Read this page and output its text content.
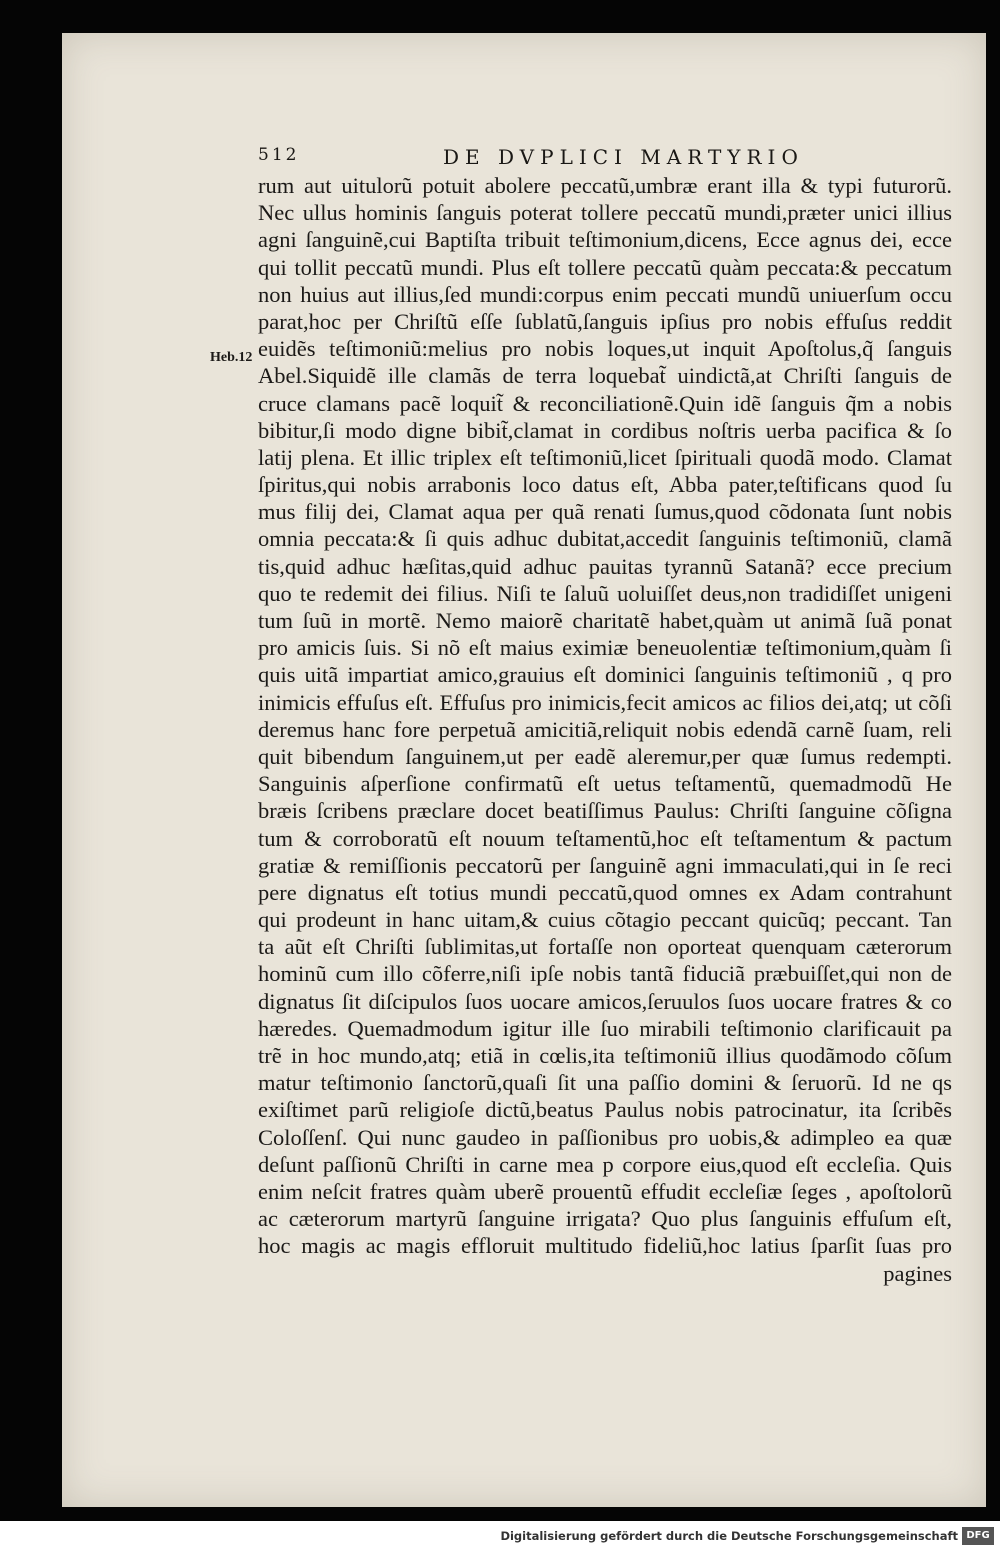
512	DE DVPLICI MARTYRIO
Heb.12
rum aut uitulorũ potuit abolere peccatũ,umbræ erant illa & typi futurorũ.
Nec ullus hominis ſanguis poterat tollere peccatũ mundi,præter unici illius
agni ſanguinẽ,cui Baptiſta tribuit teſtimonium,dicens, Ecce agnus dei, ecce
qui tollit peccatũ mundi. Plus eſt tollere peccatũ quàm peccata:& peccatum
non huius aut illius,ſed mundi:corpus enim peccati mundũ uniuerſum occu
parat,hoc per Chriſtũ eſſe ſublatũ,ſanguis ipſius pro nobis effuſus reddit
euidẽs teſtimoniũ:melius pro nobis loques,ut inquit Apoſtolus,q̃ ſanguis
Abel.Siquidẽ ille clamãs de terra loquebat̃ uindictã,at Chriſti ſanguis de
cruce clamans pacẽ loquit̃ & reconciliationẽ.Quin idẽ ſanguis q̃m a nobis
bibitur,ſi modo digne bibit̃,clamat in cordibus noſtris uerba pacifica & ſo
latij plena. Et illic triplex eſt teſtimoniũ,licet ſpirituali quodã modo. Clamat
ſpiritus,qui nobis arrabonis loco datus eſt, Abba pater,teſtificans quod ſu
mus filij dei, Clamat aqua per quã renati ſumus,quod cõdonata ſunt nobis
omnia peccata:& ſi quis adhuc dubitat,accedit ſanguinis teſtimoniũ, clamã
tis,quid adhuc hæſitas,quid adhuc pauitas tyrannũ Satanã? ecce precium
quo te redemit dei filius. Niſi te ſaluũ uoluiſſet deus,non tradidiſſet unigeni
tum ſuũ in mortẽ. Nemo maiorẽ charitatẽ habet,quàm ut animã ſuã ponat
pro amicis ſuis. Si nõ eſt maius eximiæ beneuolentiæ teſtimonium,quàm ſi
quis uitã impartiat amico,grauius eſt dominici ſanguinis teſtimoniũ , q pro
inimicis effuſus eſt. Effuſus pro inimicis,fecit amicos ac filios dei,atq; ut cõſi
deremus hanc fore perpetuã amicitiã,reliquit nobis edendã carnẽ ſuam, reli
quit bibendum ſanguinem,ut per eadẽ aleremur,per quæ ſumus redempti.
Sanguinis aſperſione confirmatũ eſt uetus teſtamentũ, quemadmodũ He
bræis ſcribens præclare docet beatiſſimus Paulus: Chriſti ſanguine cõſigna
tum & corroboratũ eſt nouum teſtamentũ,hoc eſt teſtamentum & pactum
gratiæ & remiſſionis peccatorũ per ſanguinẽ agni immaculati,qui in ſe reci
pere dignatus eſt totius mundi peccatũ,quod omnes ex Adam contrahunt
qui prodeunt in hanc uitam,& cuius cõtagio peccant quicũq; peccant. Tan
ta aũt eſt Chriſti ſublimitas,ut fortaſſe non oporteat quenquam cæterorum
hominũ cum illo cõferre,niſi ipſe nobis tantã fiduciã præbuiſſet,qui non de
dignatus ſit diſcipulos ſuos uocare amicos,ſeruulos ſuos uocare fratres & co
hæredes. Quemadmodum igitur ille ſuo mirabili teſtimonio clarificauit pa
trẽ in hoc mundo,atq; etiã in cœlis,ita teſtimoniũ illius quodãmodo cõſum
matur teſtimonio ſanctorũ,quaſi ſit una paſſio domini & ſeruorũ. Id ne qs
exiſtimet parũ religioſe dictũ,beatus Paulus nobis patrocinatur, ita ſcribẽs
Coloſſenſ. Qui nunc gaudeo in paſſionibus pro uobis,& adimpleo ea quæ
deſunt paſſionũ Chriſti in carne mea p corpore eius,quod eſt eccleſia. Quis
enim neſcit fratres quàm uberẽ prouentũ effudit eccleſiæ ſeges , apoſtolorũ
ac cæterorum martyrũ ſanguine irrigata? Quo plus ſanguinis effuſum eſt,
hoc magis ac magis effloruit multitudo fideliũ,hoc latius ſparſit ſuas pro
pagines
Digitalisierung gefördert durch die Deutsche Forschungsgemeinschaft DFG
